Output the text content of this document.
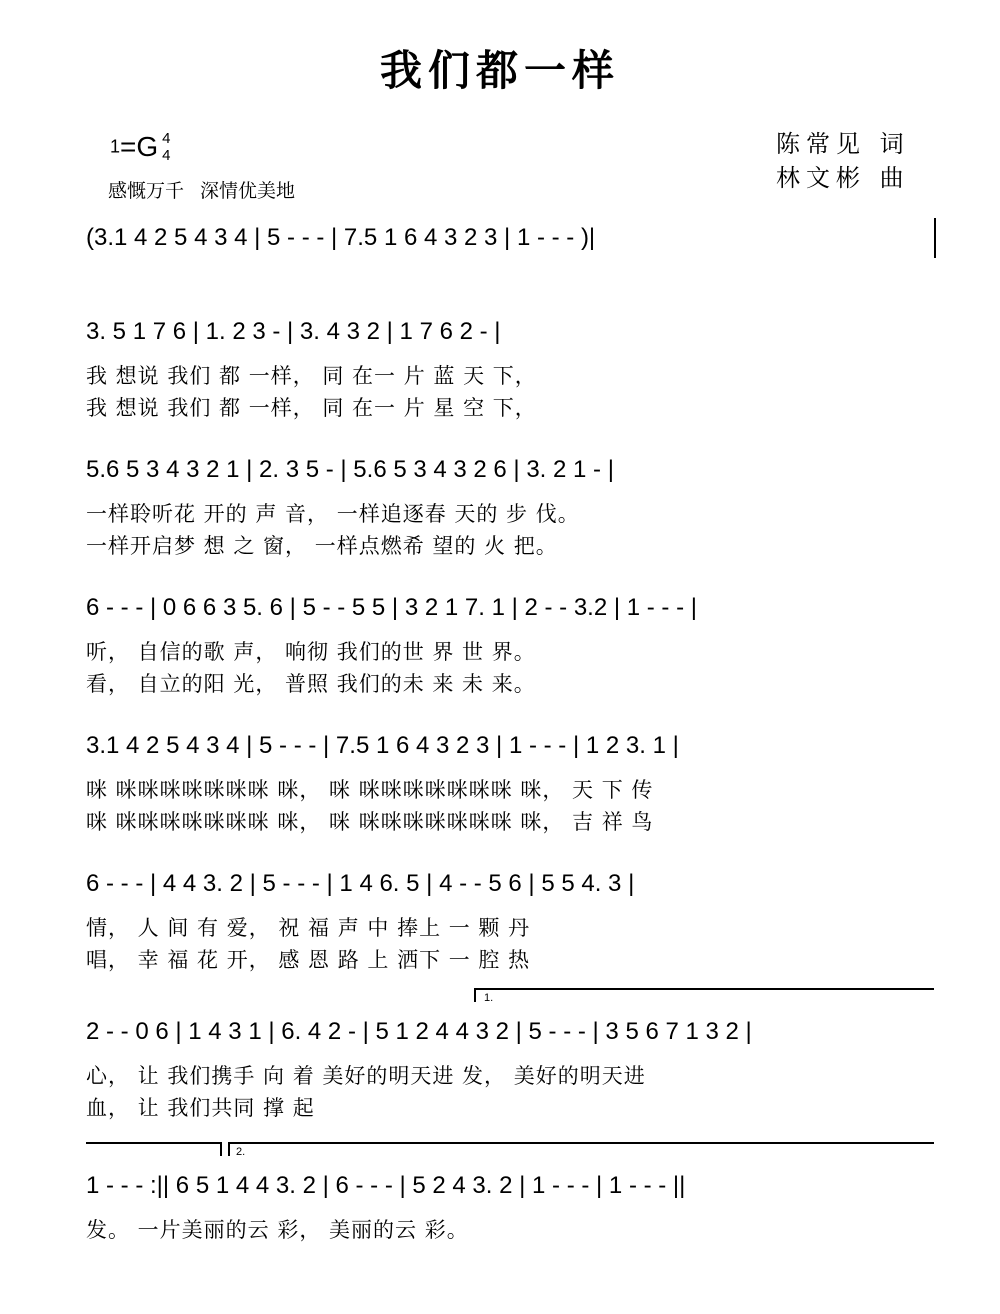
我们都一样
陈常见 词
林文彬 曲
1=G 4
4
感慨万千 深情优美地
(3.1 4 2 5 4 3 4 | 5 - - - | 7.5 1 6 4 3 2 3 | 1 - - - )|
3. 5 1 7 6 | 1. 2 3 - | 3. 4 3 2 | 1 7 6 2 - |
我 想说 我们 都 一样， 同 在一 片 蓝 天 下，
我 想说 我们 都 一样， 同 在一 片 星 空 下，
5.6 5 3 4 3 2 1 | 2. 3 5 - | 5.6 5 3 4 3 2 6 | 3. 2 1 - |
一样聆听花 开的 声 音， 一样追逐春 天的 步 伐。
一样开启梦 想 之 窗， 一样点燃希 望的 火 把。
6 - - - | 0 6 6 3 5. 6 | 5 - - 5 5 | 3 2 1 7. 1 | 2 - - 3.2 | 1 - - - |
听， 自信的歌 声， 响彻 我们的世 界 世 界。
看， 自立的阳 光， 普照 我们的未 来 未 来。
3.1 4 2 5 4 3 4 | 5 - - - | 7.5 1 6 4 3 2 3 | 1 - - - | 1 2 3. 1 |
咪 咪咪咪咪咪咪咪 咪， 咪 咪咪咪咪咪咪咪 咪， 天 下 传
咪 咪咪咪咪咪咪咪 咪， 咪 咪咪咪咪咪咪咪 咪， 吉 祥 鸟
6 - - - | 4 4 3. 2 | 5 - - - | 1 4 6. 5 | 4 - - 5 6 | 5 5 4. 3 |
情， 人 间 有 爱， 祝 福 声 中 捧上 一 颗 丹
唱， 幸 福 花 开， 感 恩 路 上 洒下 一 腔 热
1.
2 - - 0 6 | 1 4 3 1 | 6. 4 2 - | 5 1 2 4 4 3 2 | 5 - - - | 3 5 6 7 1 3 2 |
心， 让 我们携手 向 着 美好的明天进 发， 美好的明天进
血， 让 我们共同 撑 起
2.
1 - - - :|| 6 5 1 4 4 3. 2 | 6 - - - | 5 2 4 3. 2 | 1 - - - | 1 - - - ||
发。 一片美丽的云 彩， 美丽的云 彩。
